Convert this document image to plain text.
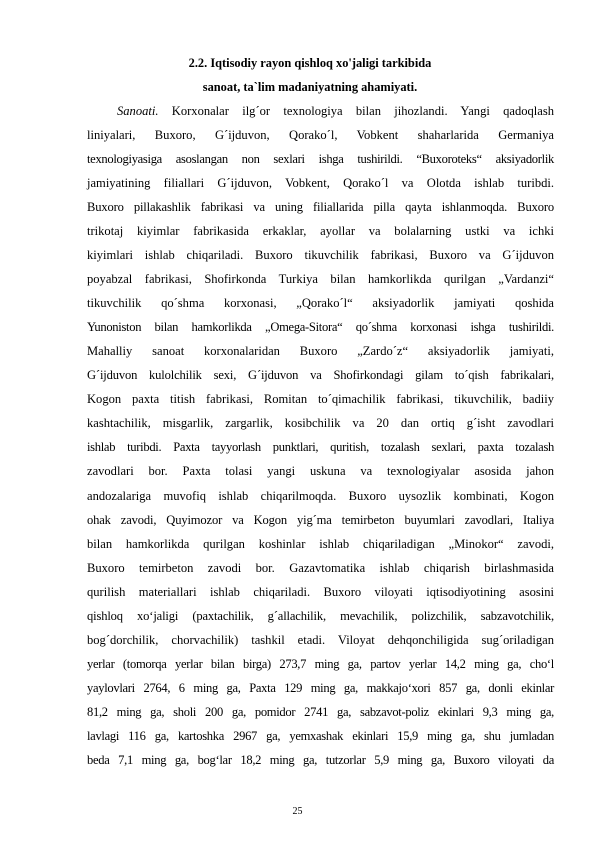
2.2. Iqtisodiy rayon qishloq xo'jaligi tarkibida
sanoat, ta`lim madaniyatning ahamiyati.
Sanoati. Korxonalar ilg´or texnologiya bilan jihozlandi. Yangi qadoqlash
liniyalari, Buxoro, G´ijduvon, Qorako´l, Vobkent shaharlarida Germaniya
texnologiyasiga asoslangan non sexlari ishga tushirildi. “Buxoroteks“ aksiyadorlik
jamiyatining filiallari G´ijduvon, Vobkent, Qorako´l va Olotda ishlab turibdi.
Buxoro pillakashlik fabrikasi va uning filiallarida pilla qayta ishlanmoqda. Buxoro
trikotaj kiyimlar fabrikasida erkaklar, ayollar va bolalarning ustki va ichki
kiyimlari ishlab chiqariladi. Buxoro tikuvchilik fabrikasi, Buxoro va G´ijduvon
poyabzal fabrikasi, Shofirkonda Turkiya bilan hamkorlikda qurilgan „Vardanzi“
tikuvchilik qo´shma korxonasi, „Qorako´l“ aksiyadorlik jamiyati qoshida
Yunoniston bilan hamkorlikda „Omega-Sitora“ qo´shma korxonasi ishga tushirildi.
Mahalliy sanoat korxonalaridan Buxoro „Zardo´z“ aksiyadorlik jamiyati,
G´ijduvon kulolchilik sexi, G´ijduvon va Shofirkondagi gilam to´qish fabrikalari,
Kogon paxta titish fabrikasi, Romitan to´qimachilik fabrikasi, tikuvchilik, badiiy
kashtachilik, misgarlik, zargarlik, kosibchilik va 20 dan ortiq g´isht zavodlari
ishlab turibdi. Paxta tayyorlash punktlari, quritish, tozalash sexlari, paxta tozalash
zavodlari bor. Paxta tolasi yangi uskuna va texnologiyalar asosida jahon
andozalariga muvofiq ishlab chiqarilmoqda. Buxoro uysozlik kombinati, Kogon
ohak zavodi, Quyimozor va Kogon yig´ma temirbeton buyumlari zavodlari, Italiya
bilan hamkorlikda qurilgan koshinlar ishlab chiqariladigan „Minokor“ zavodi,
Buxoro temirbeton zavodi bor. Gazavtomatika ishlab chiqarish birlashmasida
qurilish materiallari ishlab chiqariladi. Buxoro viloyati iqtisodiyotining asosini
qishloq xo‘jaligi (paxtachilik, g´allachilik, mevachilik, polizchilik, sabzavotchilik,
bog´dorchilik, chorvachilik) tashkil etadi. Viloyat dehqonchiligida sug´oriladigan
yerlar (tomorqa yerlar bilan birga) 273,7 ming ga, partov yerlar 14,2 ming ga, cho‘l
yaylovlari 2764, 6 ming ga, Paxta 129 ming ga, makkajo‘xori 857 ga, donli ekinlar
81,2 ming ga, sholi 200 ga, pomidor 2741 ga, sabzavot-poliz ekinlari 9,3 ming ga,
lavlagi 116 ga, kartoshka 2967 ga, yemxashak ekinlari 15,9 ming ga, shu jumladan
beda 7,1 ming ga, bog‘lar 18,2 ming ga, tutzorlar 5,9 ming ga, Buxoro viloyati da
25
